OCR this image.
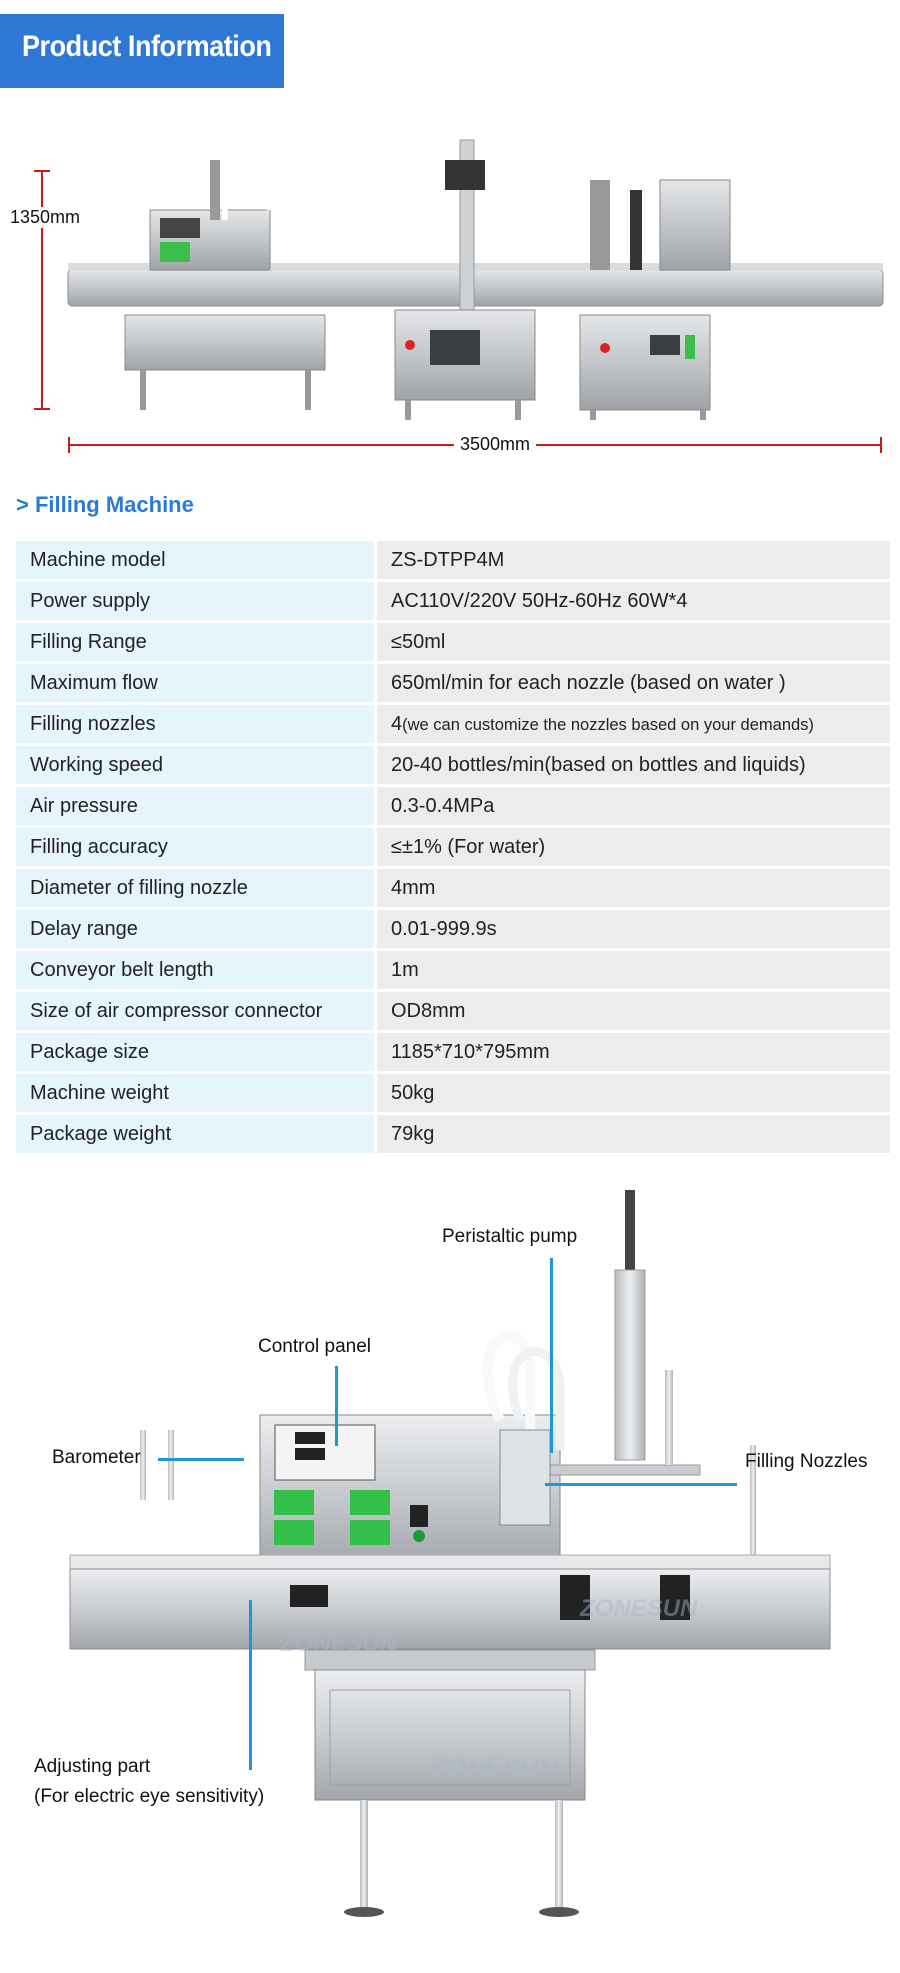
Product Information
1350mm
3500mm
> Filling Machine
Machine model	ZS-DTPP4M
Power supply	AC110V/220V 50Hz-60Hz 60W*4
Filling Range	≤50ml
Maximum flow	650ml/min for each nozzle (based on water )
Filling nozzles	4(we can customize the nozzles based on your demands)
Working speed	20-40 bottles/min(based on bottles and liquids)
Air pressure	0.3-0.4MPa
Filling accuracy	≤±1% (For water)
Diameter of filling nozzle	4mm
Delay range	0.01-999.9s
Conveyor belt length	1m
Size of air compressor connector	OD8mm
Package size	1185*710*795mm
Machine weight	50kg
Package weight	79kg
Peristaltic pump
Control panel
Barometer	Filling Nozzles
Adjusting part
(For electric eye sensitivity)
ZONESUN
ZONESUN
ZONESUN
